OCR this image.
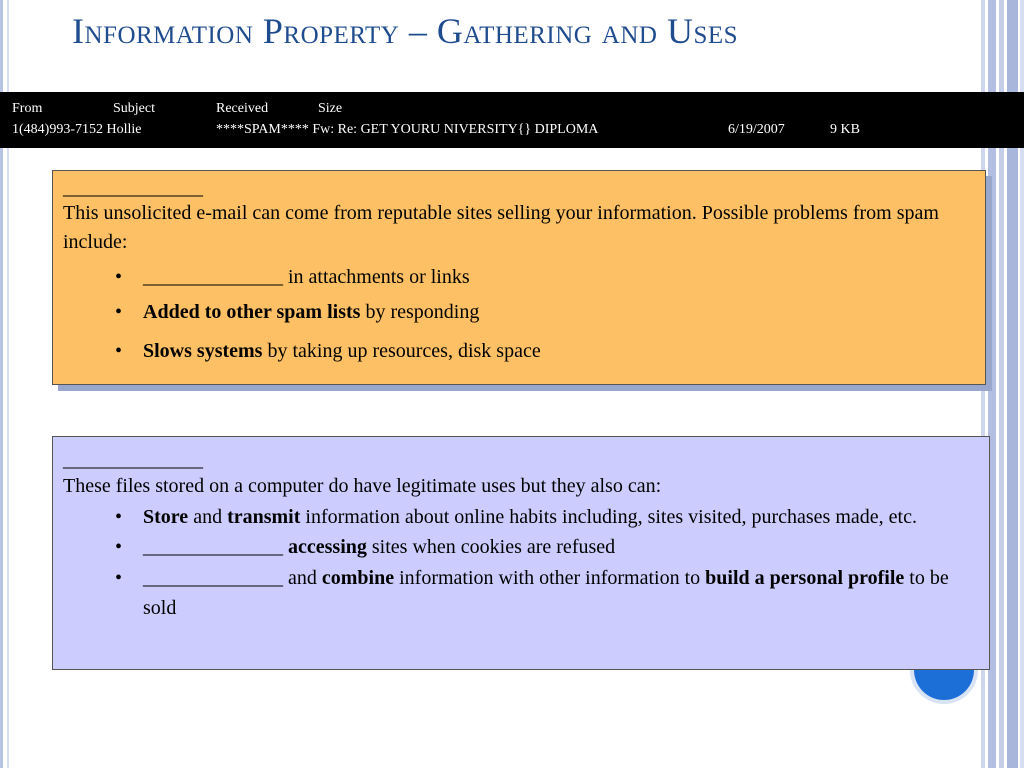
Information Property – Gathering and Uses
From	Subject	Received	Size
1(484)993-7152 Hollie	****SPAM**** Fw: Re: GET YOURU NIVERSITY{} DIPLOMA	6/19/2007	9 KB
______________

This unsolicited e-mail can come from reputable sites selling your information. Possible problems from spam include:

• ______________ in attachments or links
• Added to other spam lists by responding
• Slows systems by taking up resources, disk space
______________

These files stored on a computer do have legitimate uses but they also can:

• Store and transmit information about online habits including, sites visited, purchases made, etc.
• ______________ accessing sites when cookies are refused
• ______________ and combine information with other information to build a personal profile to be sold
